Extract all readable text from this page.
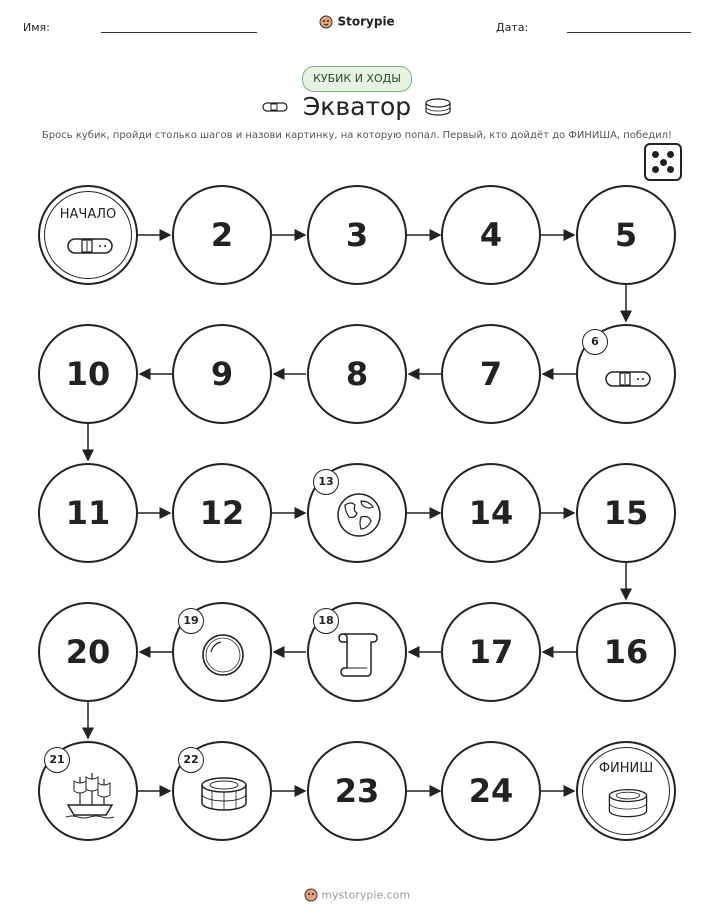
Имя:	Storypie	Дата:
КУБИК И ХОДЫ
Экватор
Брось кубик, пройди столько шагов и назови картинку, на которую попал. Первый, кто дойдёт до ФИНИША, победил!
НАЧАЛО
2	3	4	5
10	9	8	7
6
11	12
13
14	15
20
19	18
17	16
21	22
23	24
ФИНИШ
mystorypie.com
